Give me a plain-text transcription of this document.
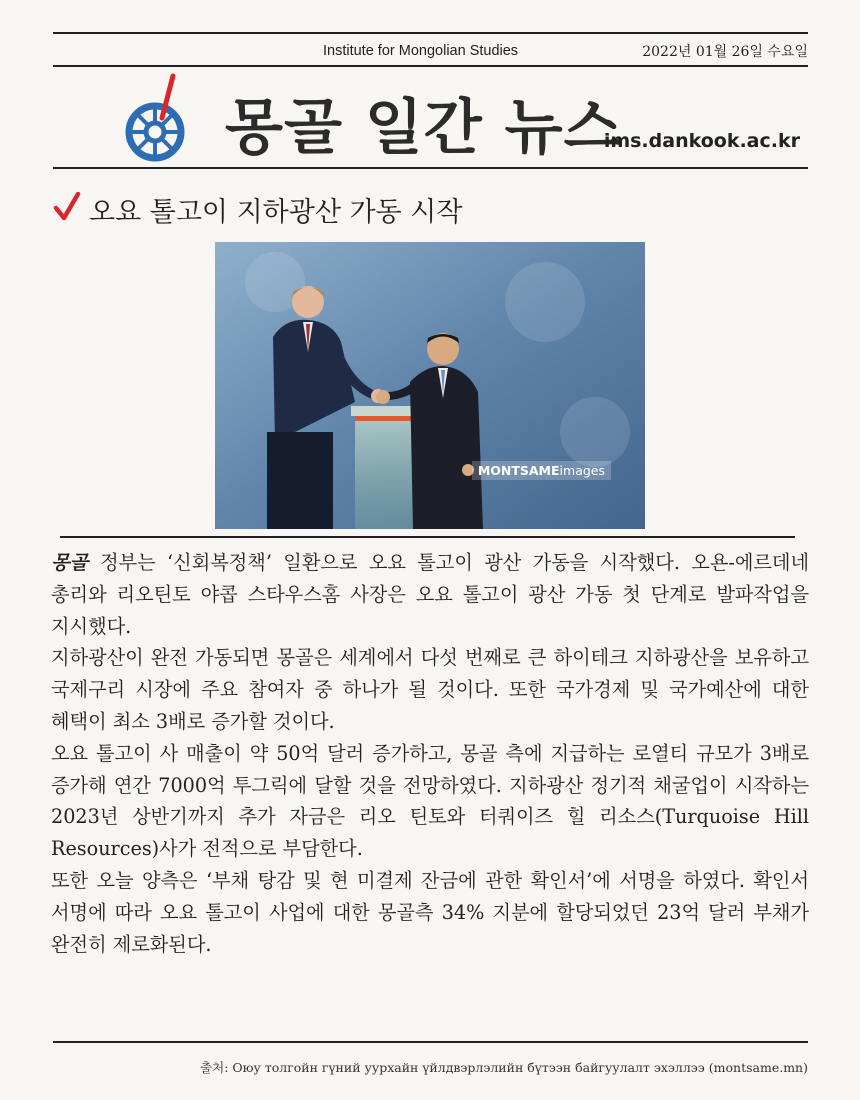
Institute for Mongolian Studies	2022년 01월 26일 수요일
몽골 일간 뉴스
ims.dankook.ac.kr
오요 톨고이 지하광산 가동 시작
MONTSAMEimages

몽골 정부는 ‘신회복정책’ 일환으로 오요 톨고이 광산 가동을 시작했다. 오욘-에르데네 총리와 리오틴토 야콥 스타우스홈 사장은 오요 톨고이 광산 가동 첫 단계로 발파작업을 지시했다.

지하광산이 완전 가동되면 몽골은 세계에서 다섯 번째로 큰 하이테크 지하광산을 보유하고 국제구리 시장에 주요 참여자 중 하나가 될 것이다. 또한 국가경제 및 국가예산에 대한 혜택이 최소 3배로 증가할 것이다.

오요 톨고이 사 매출이 약 50억 달러 증가하고, 몽골 측에 지급하는 로열티 규모가 3배로 증가해 연간 7000억 투그릭에 달할 것을 전망하였다. 지하광산 정기적 채굴업이 시작하는 2023년 상반기까지 추가 자금은 리오 틴토와 터쿼이즈 힐 리소스(Turquoise Hill Resources)사가 전적으로 부담한다.

또한 오늘 양측은 ‘부채 탕감 및 현 미결제 잔금에 관한 확인서’에 서명을 하였다. 확인서 서명에 따라 오요 톨고이 사업에 대한 몽골측 34% 지분에 할당되었던 23억 달러 부채가 완전히 제로화된다.

출처: Оюу толгойн гүний уурхайн үйлдвэрлэлийн бүтээн байгуулалт эхэллээ (montsame.mn)
